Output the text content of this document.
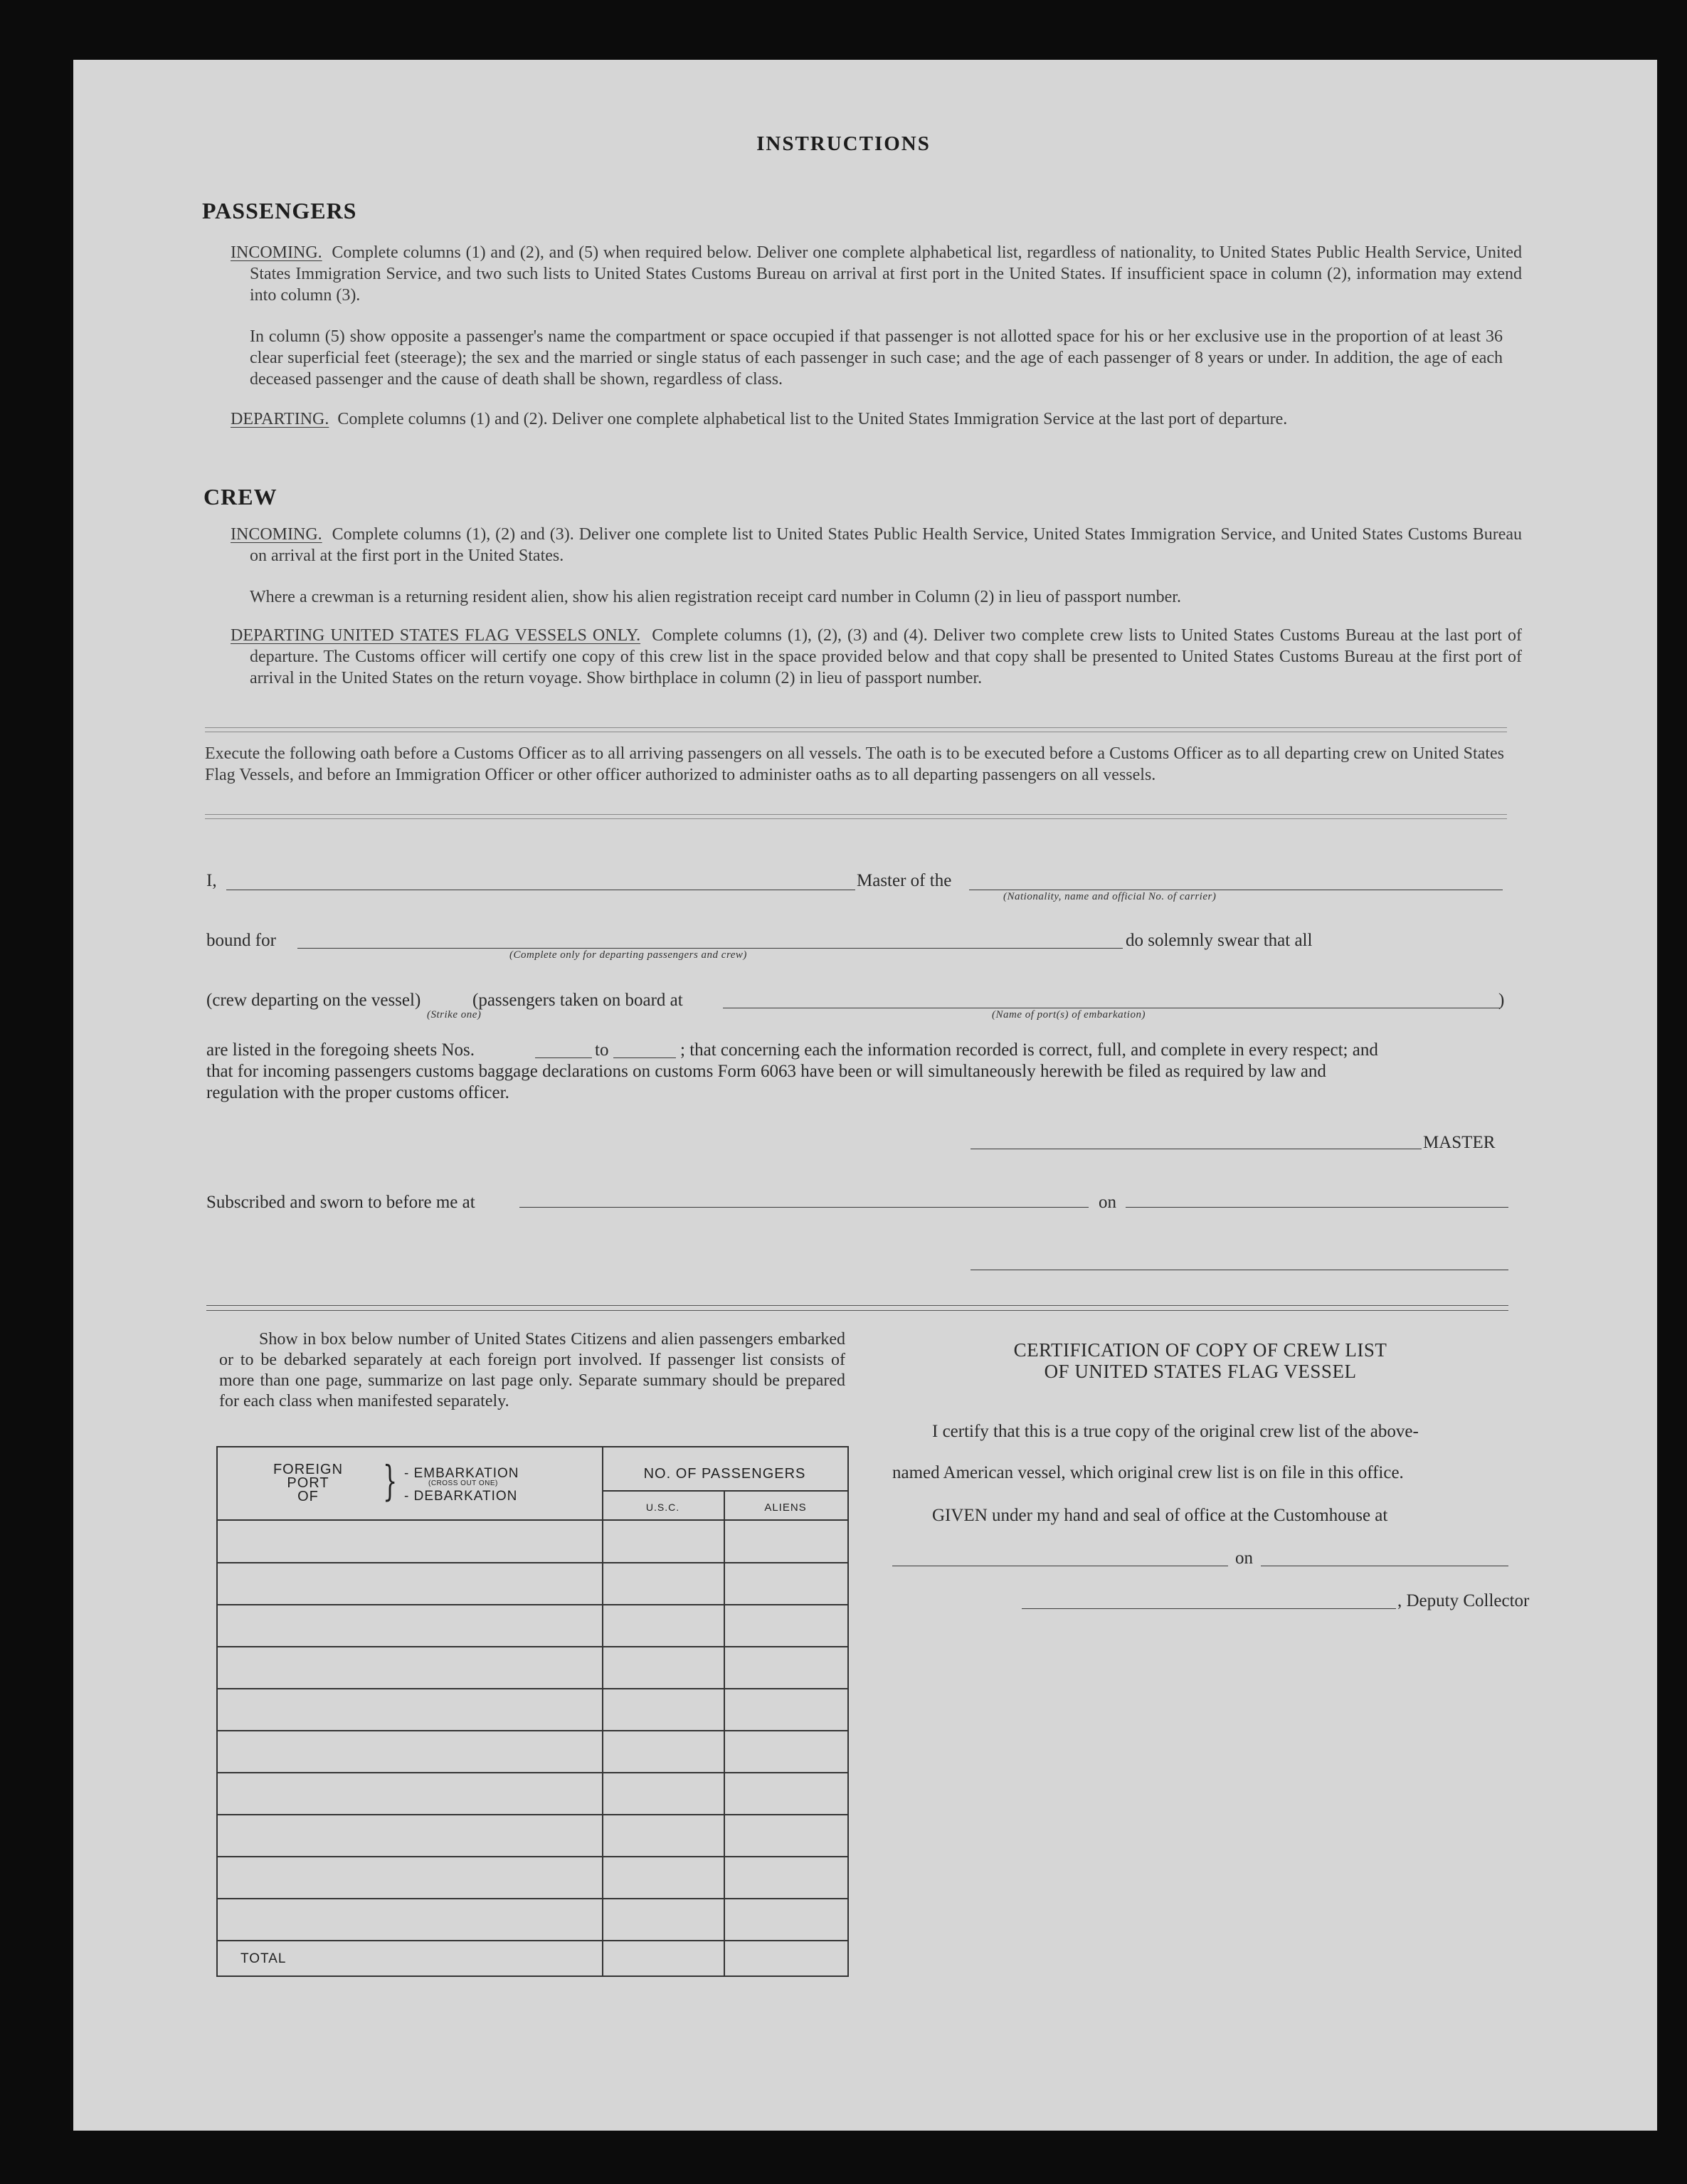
INSTRUCTIONS
PASSENGERS
INCOMING. Complete columns (1) and (2), and (5) when required below. Deliver one complete alphabetical list, regardless of nationality, to United States Public Health Service, United States Immigration Service, and two such lists to United States Customs Bureau on arrival at first port in the United States. If insufficient space in column (2), information may extend into column (3).
In column (5) show opposite a passenger's name the compartment or space occupied if that passenger is not allotted space for his or her exclusive use in the proportion of at least 36 clear superficial feet (steerage); the sex and the married or single status of each passenger in such case; and the age of each passenger of 8 years or under. In addition, the age of each deceased passenger and the cause of death shall be shown, regardless of class.
DEPARTING. Complete columns (1) and (2). Deliver one complete alphabetical list to the United States Immigration Service at the last port of departure.
CREW
INCOMING. Complete columns (1), (2) and (3). Deliver one complete list to United States Public Health Service, United States Immigration Service, and United States Customs Bureau on arrival at the first port in the United States.
Where a crewman is a returning resident alien, show his alien registration receipt card number in Column (2) in lieu of passport number.
DEPARTING UNITED STATES FLAG VESSELS ONLY. Complete columns (1), (2), (3) and (4). Deliver two complete crew lists to United States Customs Bureau at the last port of departure. The Customs officer will certify one copy of this crew list in the space provided below and that copy shall be presented to United States Customs Bureau at the first port of arrival in the United States on the return voyage. Show birthplace in column (2) in lieu of passport number.
Execute the following oath before a Customs Officer as to all arriving passengers on all vessels. The oath is to be executed before a Customs Officer as to all departing crew on United States Flag Vessels, and before an Immigration Officer or other officer authorized to administer oaths as to all departing passengers on all vessels.
I,	Master of the
(Nationality, name and official No. of carrier)
bound for
(Complete only for departing passengers and crew)
do solemnly swear that all
(crew departing on the vessel)	(passengers taken on board at	)
(Strike one)	(Name of port(s) of embarkation)
are listed in the foregoing sheets Nos.	to	; that concerning each the information recorded is correct, full, and complete in every respect; and
that for incoming passengers customs baggage declarations on customs Form 6063 have been or will simultaneously herewith be filed as required by law and
regulation with the proper customs officer.
MASTER
Subscribed and sworn to before me at	on
Show in box below number of United States Citizens and alien passengers embarked or to be debarked separately at each foreign port involved. If passenger list consists of more than one page, summarize on last page only. Separate summary should be prepared for each class when manifested separately.
FOREIGN
PORT
OF	} - EMBARKATION
(CROSS OUT ONE)
- DEBARKATION
NO. OF PASSENGERS
U.S.C.	ALIENS
TOTAL
CERTIFICATION OF COPY OF CREW LIST
OF UNITED STATES FLAG VESSEL
I certify that this is a true copy of the original crew list of the above-
named American vessel, which original crew list is on file in this office.
GIVEN under my hand and seal of office at the Customhouse at
on
, Deputy Collector
